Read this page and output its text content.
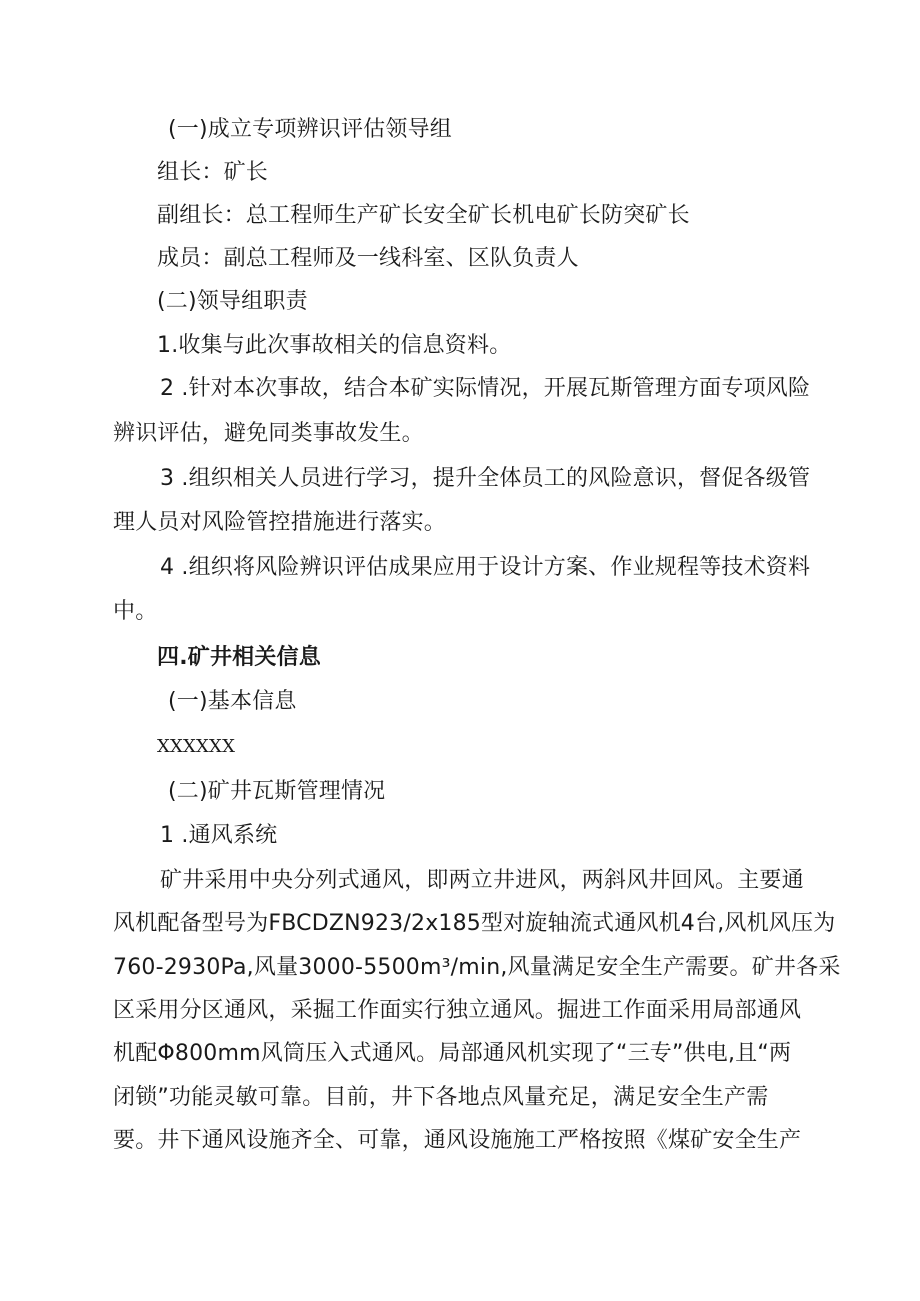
(一)成立专项辨识评估领导组
组长：矿长
副组长：总工程师生产矿长安全矿长机电矿长防突矿长
成员：副总工程师及一线科室、区队负责人
(二)领导组职责
1.收集与此次事故相关的信息资料。
2 .针对本次事故，结合本矿实际情况，开展瓦斯管理方面专项风险
辨识评估，避免同类事故发生。
3 .组织相关人员进行学习，提升全体员工的风险意识，督促各级管
理人员对风险管控措施进行落实。
4 .组织将风险辨识评估成果应用于设计方案、作业规程等技术资料
中。
四.矿井相关信息
(一)基本信息
XXXXXX
(二)矿井瓦斯管理情况
1 .通风系统
矿井采用中央分列式通风，即两立井进风，两斜风井回风。主要通
风机配备型号为FBCDZN923/2x185型对旋轴流式通风机4台,风机风压为
760-2930Pa,风量3000-5500m³/min,风量满足安全生产需要。矿井各采
区采用分区通风，采掘工作面实行独立通风。掘进工作面采用局部通风
机配Φ800mm风筒压入式通风。局部通风机实现了“三专”供电,且“两
闭锁”功能灵敏可靠。目前，井下各地点风量充足，满足安全生产需
要。井下通风设施齐全、可靠，通风设施施工严格按照《煤矿安全生产
